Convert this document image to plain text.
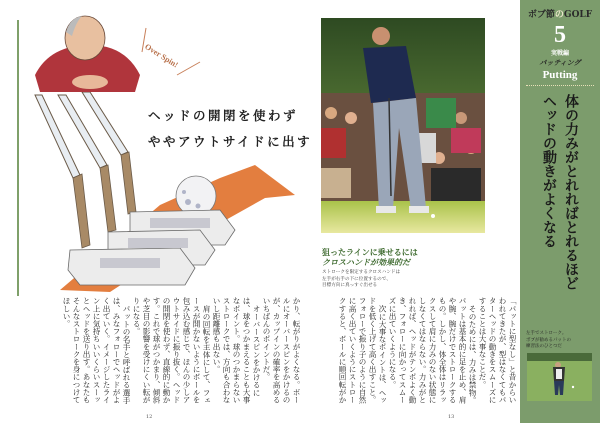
Over Spin!
ヘッドの開閉を使わず
ややアウトサイドに出す

かり、転がりがよくなる。ボールにオーバースピンをかけるのが、カップインの確率を高めるいちばんのポイントだ。

オーバースピンをかけるには、球をつかまえることも大事なポイント。球のつかまらないストロークでは、方向も合わないし距離感も出ない。

肩の回転を主体にして、フェースが開かないようにボールを包み込む感じで、ほんの少しアウトサイドに振り抜く。ヘッドの開閉を使わず、直線的に動かす。これで球がつかまり、傾斜や芝目の影響を受けにくい転がりになる。

パットの名手と呼ばれる選手は、みなフォローでヘッドがよく出ていく。イメージしたライン上に気持ちいいくらいスーッとヘッドを送り出す。あなたもそんなストロークを身につけてほしい。

12
狙ったラインに乗せるには
クロスハンドが効果的だ
ストロークを限定するクロスハンドは
左手が右手の下に位置するので、
目標方向に真っすぐ出せる

「パットに型なし」と昔からいわれてきたが、型はなくてもパターヘッドの動きをスムーズにすることは大事なことだ。

そのためには、力みは禁物。パットは基本的に足を止め、肩や腕、腕だけでストロークするもの。しかし、体全体はリラックスして肩に力みのない状態にしなくてはならない。力みがとれれば、ヘッドがテンポよく動き、フォローに向かってスムーズに出ていくようになる。

次に大事なポイントは、ヘッドを低く上げて高く出すこと。フォローで振り子のように自然に高く出ていくようにストロークすると、ボールに順回転がか

13
ボブ節のGOLF
5
実戦編
パッティング
Putting
体の力みがとれればとれるほど
ヘッドの動きがよくなる
左手でストローク。
ボブが勧めるパットの
練習法のひとつだ
